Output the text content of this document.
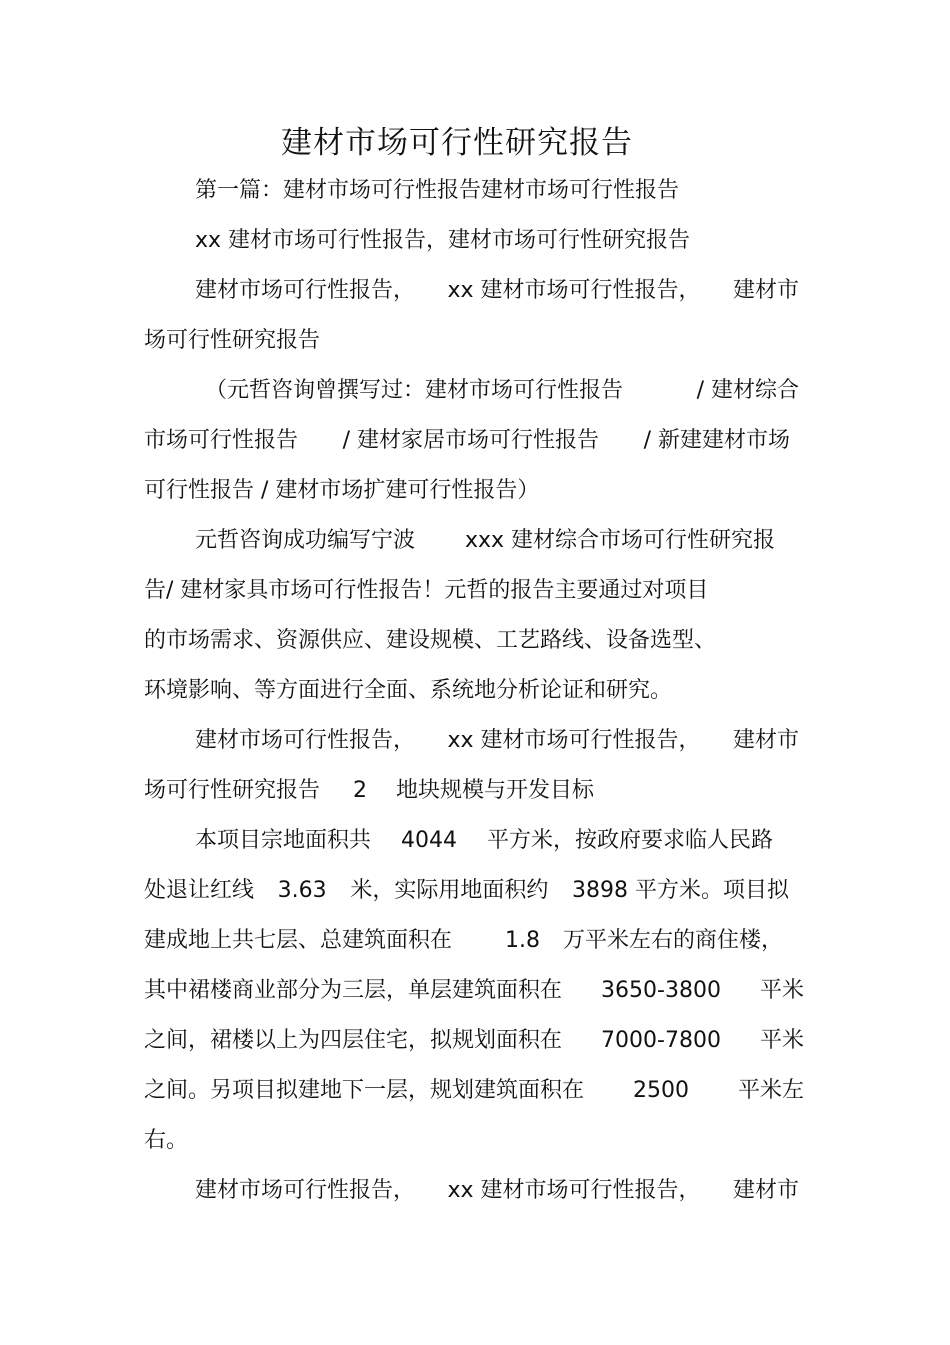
建材市场可行性研究报告
第一篇：建材市场可行性报告建材市场可行性报告
xx 建材市场可行性报告，建材市场可行性研究报告
建材市场可行性报告， xx 建材市场可行性报告， 建材市
场可行性研究报告
（元哲咨询曾撰写过：建材市场可行性报告	/ 建材综合
市场可行性报告 / 建材家居市场可行性报告 / 新建建材市场
可行性报告 / 建材市场扩建可行性报告）
元哲咨询成功编写宁波 xxx 建材综合市场可行性研究报
告/ 建材家具市场可行性报告！元哲的报告主要通过对项目
的市场需求、资源供应、建设规模、工艺路线、设备选型、
环境影响、等方面进行全面、系统地分析论证和研究。
建材市场可行性报告， xx 建材市场可行性报告， 建材市
场可行性研究报告 2 地块规模与开发目标
本项目宗地面积共 4044 平方米，按政府要求临人民路
处退让红线 3.63 米，实际用地面积约 3898 平方米。项目拟
建成地上共七层、总建筑面积在 1.8 万平米左右的商住楼，
其中裙楼商业部分为三层，单层建筑面积在 3650-3800 平米
之间，裙楼以上为四层住宅，拟规划面积在 7000-7800 平米
之间。另项目拟建地下一层，规划建筑面积在 2500 平米左
右。
建材市场可行性报告， xx 建材市场可行性报告， 建材市
